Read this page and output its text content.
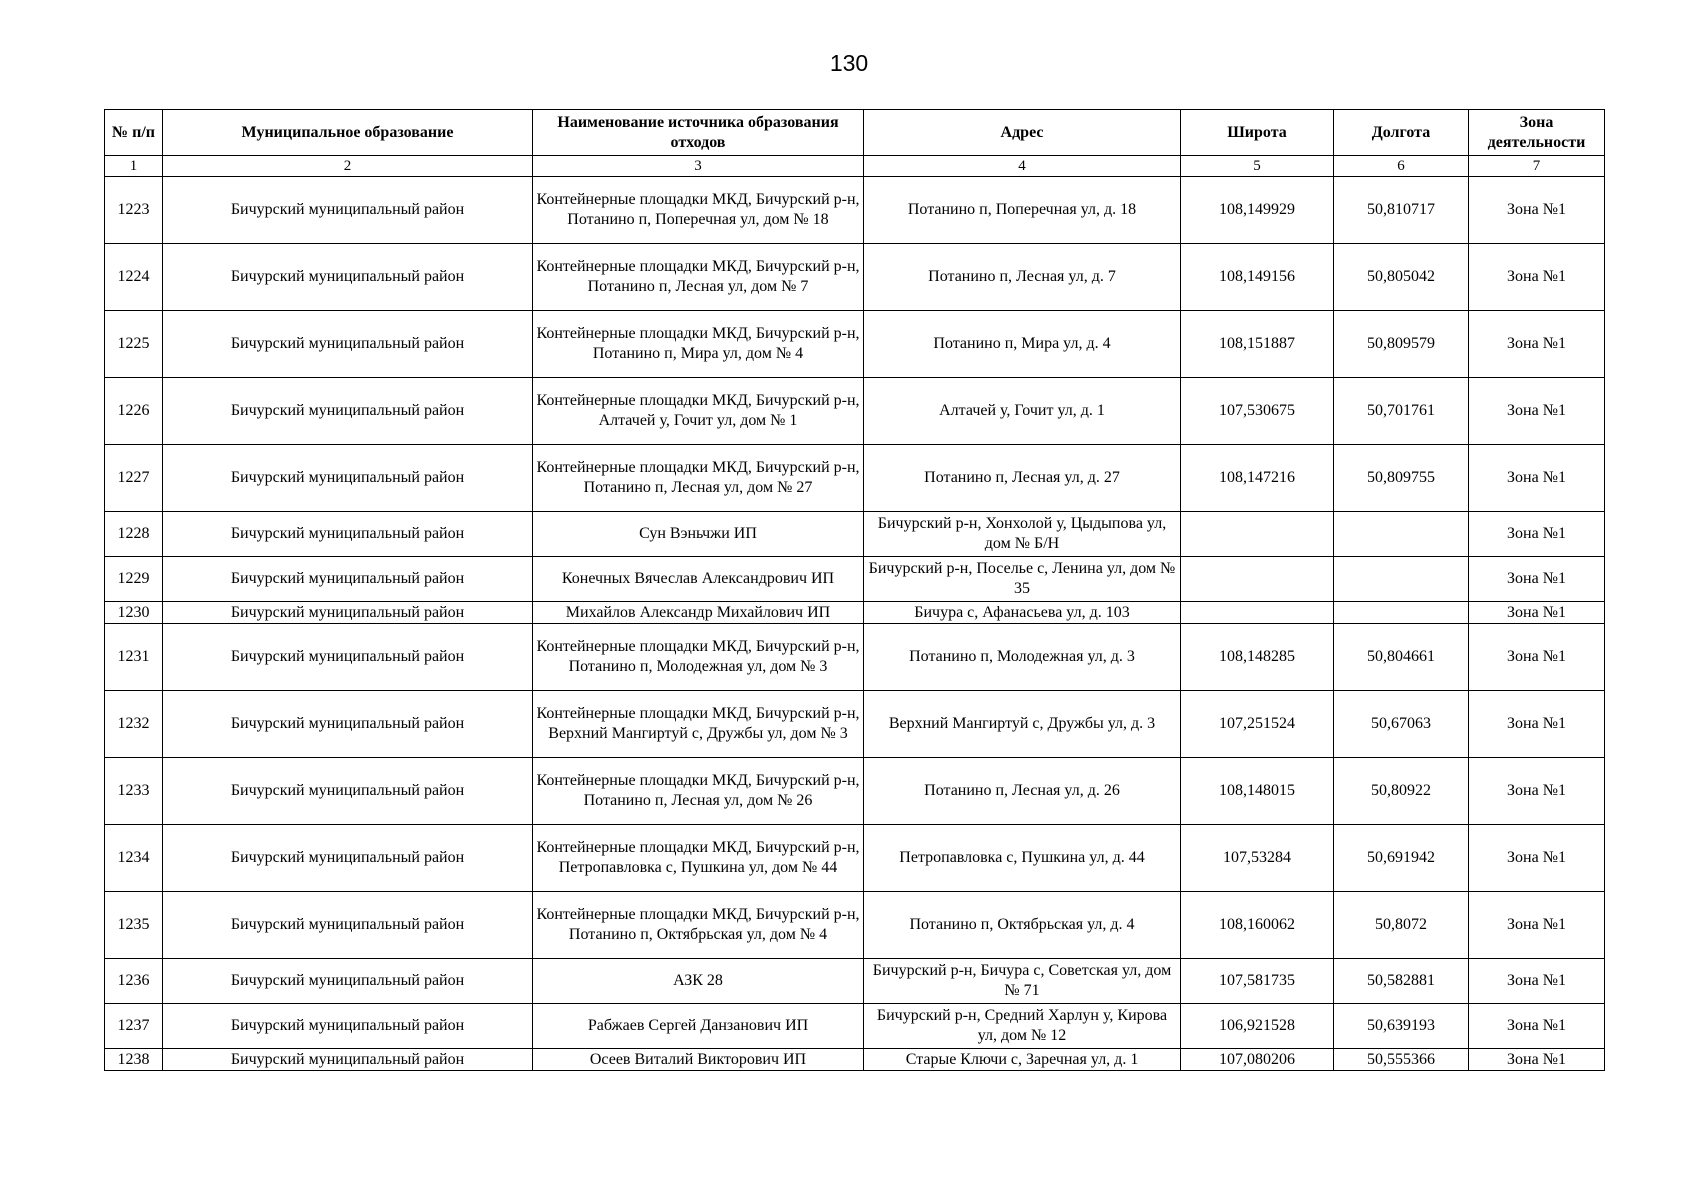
130
№ п/п	Муниципальное образование	Наименование источника образования отходов	Адрес	Широта	Долгота	Зона деятельности
1	2	3	4	5	6	7
1223	Бичурский муниципальный район	Контейнерные площадки МКД, Бичурский р-н, Потанино п, Поперечная ул, дом № 18	Потанино п, Поперечная ул, д. 18	108,149929	50,810717	Зона №1
1224	Бичурский муниципальный район	Контейнерные площадки МКД, Бичурский р-н, Потанино п, Лесная ул, дом № 7	Потанино п, Лесная ул, д. 7	108,149156	50,805042	Зона №1
1225	Бичурский муниципальный район	Контейнерные площадки МКД, Бичурский р-н, Потанино п, Мира ул, дом № 4	Потанино п, Мира ул, д. 4	108,151887	50,809579	Зона №1
1226	Бичурский муниципальный район	Контейнерные площадки МКД, Бичурский р-н, Алтачей у, Гочит ул, дом № 1	Алтачей у, Гочит ул, д. 1	107,530675	50,701761	Зона №1
1227	Бичурский муниципальный район	Контейнерные площадки МКД, Бичурский р-н, Потанино п, Лесная ул, дом № 27	Потанино п, Лесная ул, д. 27	108,147216	50,809755	Зона №1
1228	Бичурский муниципальный район	Сун Вэньчжи ИП	Бичурский р-н, Хонхолой у, Цыдыпова ул, дом № Б/Н			Зона №1
1229	Бичурский муниципальный район	Конечных Вячеслав Александрович ИП	Бичурский р-н, Поселье с, Ленина ул, дом № 35			Зона №1
1230	Бичурский муниципальный район	Михайлов Александр Михайлович ИП	Бичура с, Афанасьева ул, д. 103			Зона №1
1231	Бичурский муниципальный район	Контейнерные площадки МКД, Бичурский р-н, Потанино п, Молодежная ул, дом № 3	Потанино п, Молодежная ул, д. 3	108,148285	50,804661	Зона №1
1232	Бичурский муниципальный район	Контейнерные площадки МКД, Бичурский р-н, Верхний Мангиртуй с, Дружбы ул, дом № 3	Верхний Мангиртуй с, Дружбы ул, д. 3	107,251524	50,67063	Зона №1
1233	Бичурский муниципальный район	Контейнерные площадки МКД, Бичурский р-н, Потанино п, Лесная ул, дом № 26	Потанино п, Лесная ул, д. 26	108,148015	50,80922	Зона №1
1234	Бичурский муниципальный район	Контейнерные площадки МКД, Бичурский р-н, Петропавловка с, Пушкина ул, дом № 44	Петропавловка с, Пушкина ул, д. 44	107,53284	50,691942	Зона №1
1235	Бичурский муниципальный район	Контейнерные площадки МКД, Бичурский р-н, Потанино п, Октябрьская ул, дом № 4	Потанино п, Октябрьская ул, д. 4	108,160062	50,8072	Зона №1
1236	Бичурский муниципальный район	АЗК 28	Бичурский р-н, Бичура с, Советская ул, дом № 71	107,581735	50,582881	Зона №1
1237	Бичурский муниципальный район	Рабжаев Сергей Данзанович ИП	Бичурский р-н, Средний Харлун у, Кирова ул, дом № 12	106,921528	50,639193	Зона №1
1238	Бичурский муниципальный район	Осеев Виталий Викторович ИП	Старые Ключи с, Заречная ул, д. 1	107,080206	50,555366	Зона №1
